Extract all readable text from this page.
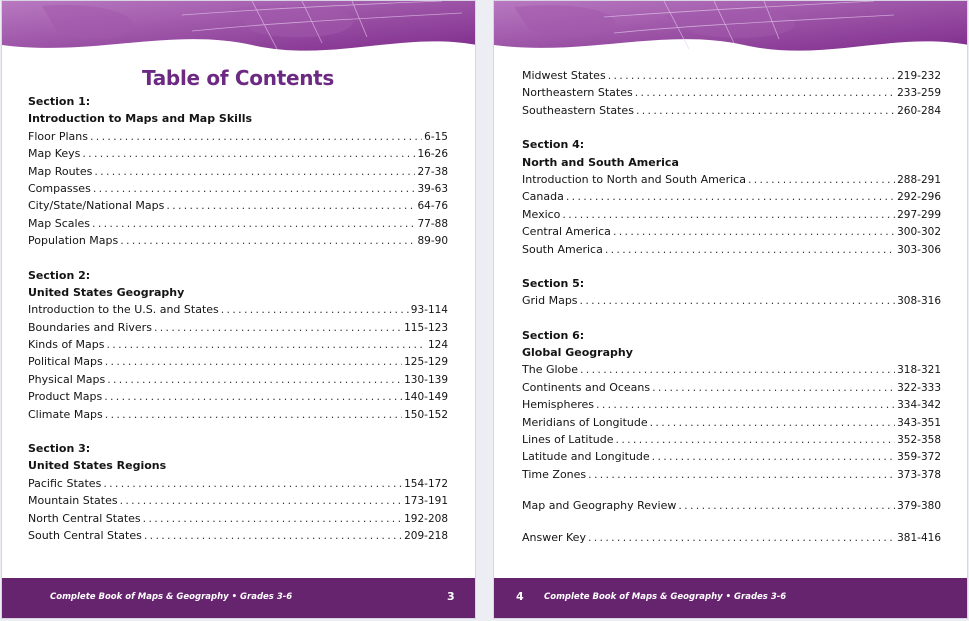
Table of Contents
Section 1:
Introduction to Maps and Map Skills
Floor Plans . . .	6-15
Map Keys . . .	16-26
Map Routes . . .	27-38
Compasses . . .	39-63
City/State/National Maps . . .	64-76
Map Scales . . .	77-88
Population Maps . . .	89-90
Section 2:
United States Geography
Introduction to the U.S. and States . . .	93-114
Boundaries and Rivers . . .	115-123
Kinds of Maps . . .	124
Political Maps . . .	125-129
Physical Maps . . .	130-139
Product Maps . . .	140-149
Climate Maps . . .	150-152
Section 3:
United States Regions
Pacific States . . .	154-172
Mountain States . . .	173-191
North Central States . . .	192-208
South Central States . . .	209-218
Complete Book of Maps & Geography • Grades 3-6	3
Midwest States . . .	219-232
Northeastern States . . .	233-259
Southeastern States . . .	260-284
Section 4:
North and South America
Introduction to North and South America . . .	288-291
Canada . . .	292-296
Mexico . . .	297-299
Central America . . .	300-302
South America . . .	303-306
Section 5:
Grid Maps . . .	308-316
Section 6:
Global Geography
The Globe . . .	318-321
Continents and Oceans . . .	322-333
Hemispheres . . .	334-342
Meridians of Longitude . . .	343-351
Lines of Latitude . . .	352-358
Latitude and Longitude . . .	359-372
Time Zones . . .	373-378
Map and Geography Review . . .	379-380
Answer Key . . .	381-416
4 Complete Book of Maps & Geography • Grades 3-6
